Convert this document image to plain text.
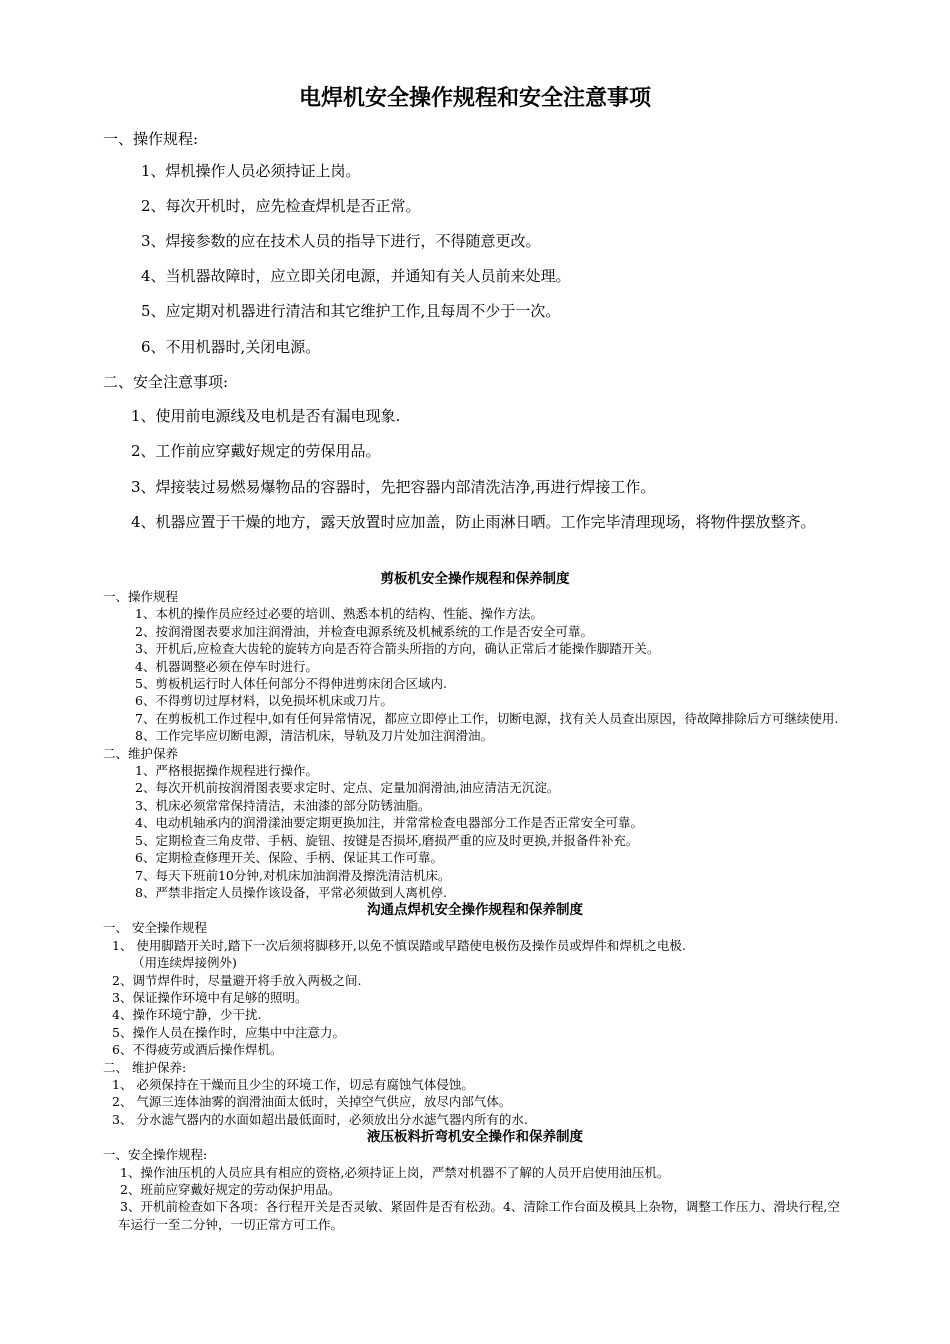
电焊机安全操作规程和安全注意事项

一、操作规程:

1、焊机操作人员必须持证上岗。

2、每次开机时，应先检查焊机是否正常。

3、焊接参数的应在技术人员的指导下进行，不得随意更改。

4、当机器故障时，应立即关闭电源，并通知有关人员前来处理。

5、应定期对机器进行清洁和其它维护工作,且每周不少于一次。

6、不用机器时,关闭电源。

二、安全注意事项:

1、使用前电源线及电机是否有漏电现象.

2、工作前应穿戴好规定的劳保用品。

3、焊接装过易燃易爆物品的容器时，先把容器内部清洗洁净,再进行焊接工作。

4、机器应置于干燥的地方，露天放置时应加盖，防止雨淋日晒。工作完毕清理现场，将物件摆放整齐。

剪板机安全操作规程和保养制度

一、操作规程

1、本机的操作员应经过必要的培训、熟悉本机的结构、性能、操作方法。

2、按润滑图表要求加注润滑油，并检查电源系统及机械系统的工作是否安全可靠。

3、开机后,应检查大齿轮的旋转方向是否符合箭头所指的方向，确认正常后才能操作脚踏开关。

4、机器调整必须在停车时进行。

5、剪板机运行时人体任何部分不得伸进剪床闭合区域内.

6、不得剪切过厚材料，以免损坏机床或刀片。

7、在剪板机工作过程中,如有任何异常情况，都应立即停止工作，切断电源，找有关人员查出原因，待故障排除后方可继续使用.

8、工作完毕应切断电源，清洁机床，导轨及刀片处加注润滑油。

二、维护保养

1、严格根据操作规程进行操作。

2、每次开机前按润滑图表要求定时、定点、定量加润滑油,油应清洁无沉淀。

3、机床必须常常保持清洁，未油漆的部分防锈油脂。

4、电动机轴承内的润滑漾油要定期更换加注，并常常检查电器部分工作是否正常安全可靠。

5、定期检查三角皮带、手柄、旋钮、按键是否损坏,磨损严重的应及时更换,并报备件补充。

6、定期检查修理开关、保险、手柄、保证其工作可靠。

7、每天下班前10分钟,对机床加油润滑及擦洗清洁机床。

8、严禁非指定人员操作该设备，平常必须做到人离机停.

沟通点焊机安全操作规程和保养制度

一、 安全操作规程

1、 使用脚踏开关时,踏下一次后须将脚移开,以免不慎误踏或早踏使电极伤及操作员或焊件和焊机之电极.

（用连续焊接例外)

2、调节焊件时，尽量避开将手放入两极之间.

3、保证操作环境中有足够的照明。

4、操作环境宁静，少干扰.

5、操作人员在操作时，应集中中注意力。

6、不得疲劳或酒后操作焊机。

二、 维护保养:

1、 必须保持在干燥而且少尘的环境工作，切忌有腐蚀气体侵蚀。

2、 气源三连体油雾的润滑油面太低时，关掉空气供应，放尽内部气体。

3、 分水滤气器内的水面如超出最低面时，必须放出分水滤气器内所有的水.

液压板料折弯机安全操作和保养制度

一、安全操作规程:

1、操作油压机的人员应具有相应的资格,必须持证上岗，严禁对机器不了解的人员开启使用油压机。

2、班前应穿戴好规定的劳动保护用品。

3、开机前检查如下各项：各行程开关是否灵敏、紧固件是否有松劲。4、清除工作台面及模具上杂物，调整工作压力、滑块行程,空车运行一至二分钟，一切正常方可工作。
